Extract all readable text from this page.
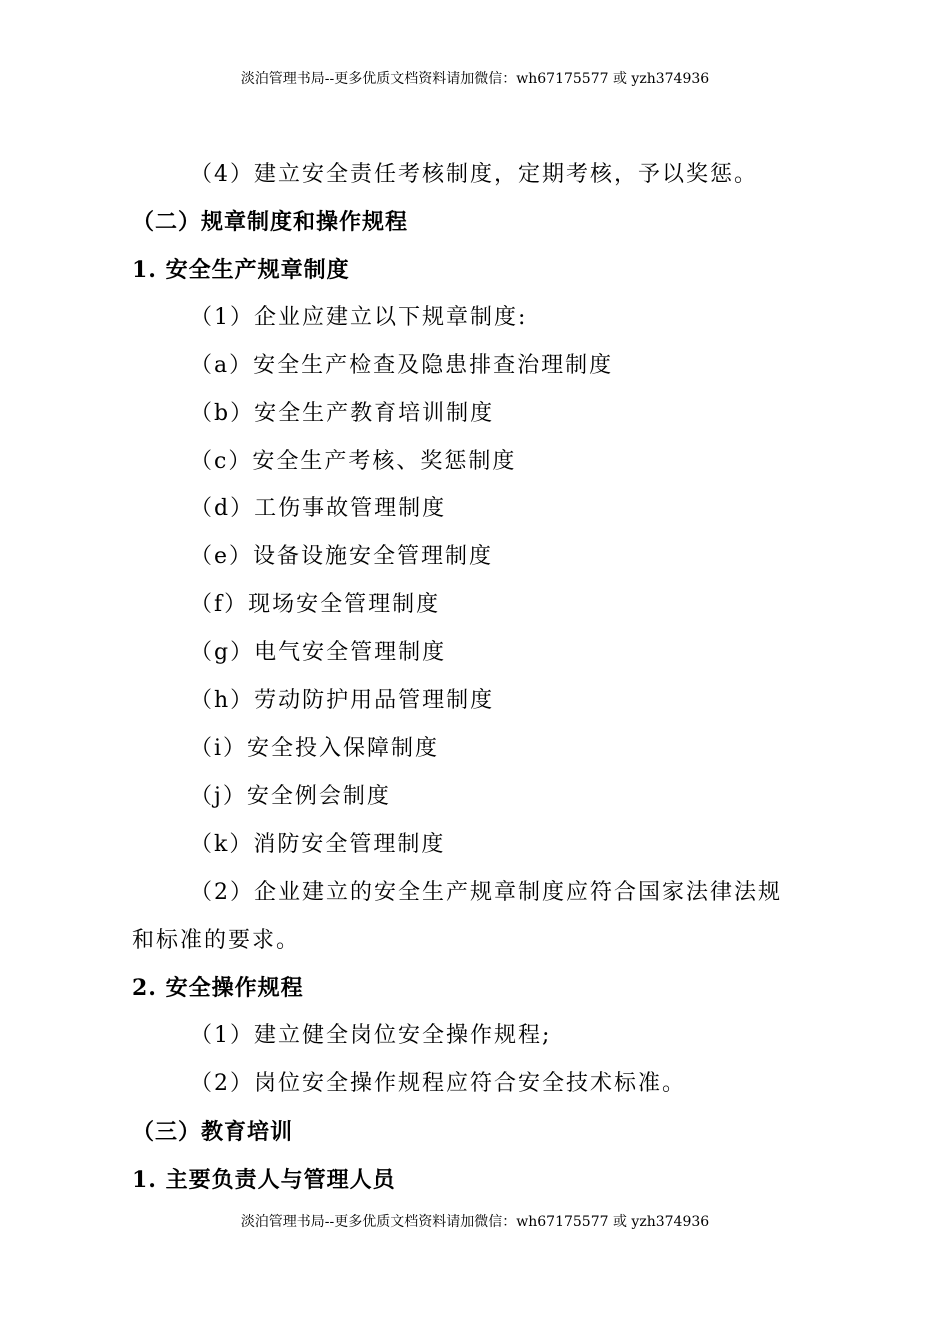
淡泊管理书局--更多优质文档资料请加微信：wh67175577 或 yzh374936
（4）建立安全责任考核制度，定期考核，予以奖惩。
（二）规章制度和操作规程
1. 安全生产规章制度
（1）企业应建立以下规章制度:
（a）安全生产检查及隐患排查治理制度
（b）安全生产教育培训制度
（c）安全生产考核、奖惩制度
（d）工伤事故管理制度
（e）设备设施安全管理制度
（f）现场安全管理制度
（g）电气安全管理制度
（h）劳动防护用品管理制度
（i）安全投入保障制度
（j）安全例会制度
（k）消防安全管理制度
（2）企业建立的安全生产规章制度应符合国家法律法规
和标准的要求。
2. 安全操作规程
（1）建立健全岗位安全操作规程;
（2）岗位安全操作规程应符合安全技术标准。
（三）教育培训
1. 主要负责人与管理人员
淡泊管理书局--更多优质文档资料请加微信：wh67175577 或 yzh374936
